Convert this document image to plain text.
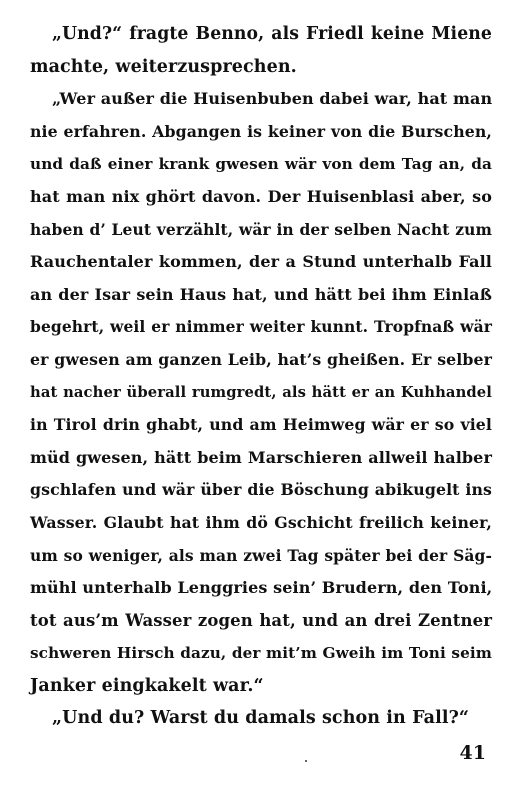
„Und?“ fragte Benno, als Friedl keine Miene
machte, weiterzusprechen.
„Wer außer die Huisenbuben dabei war, hat man
nie erfahren. Abgangen is keiner von die Burschen,
und daß einer krank gwesen wär von dem Tag an, da
hat man nix ghört davon. Der Huisenblasi aber, so
haben d’ Leut verzählt, wär in der selben Nacht zum
Rauchentaler kommen, der a Stund unterhalb Fall
an der Isar sein Haus hat, und hätt bei ihm Einlaß
begehrt, weil er nimmer weiter kunnt. Tropfnaß wär
er gwesen am ganzen Leib, hat’s gheißen. Er selber
hat nacher überall rumgredt, als hätt er an Kuhhandel
in Tirol drin ghabt, und am Heimweg wär er so viel
müd gwesen, hätt beim Marschieren allweil halber
gschlafen und wär über die Böschung abikugelt ins
Wasser. Glaubt hat ihm dö Gschicht freilich keiner,
um so weniger, als man zwei Tag später bei der Säg-
mühl unterhalb Lenggries sein’ Brudern, den Toni,
tot aus’m Wasser zogen hat, und an drei Zentner
schweren Hirsch dazu, der mit’m Gweih im Toni seim
Janker eingkakelt war.“
„Und du? Warst du damals schon in Fall?“
41
